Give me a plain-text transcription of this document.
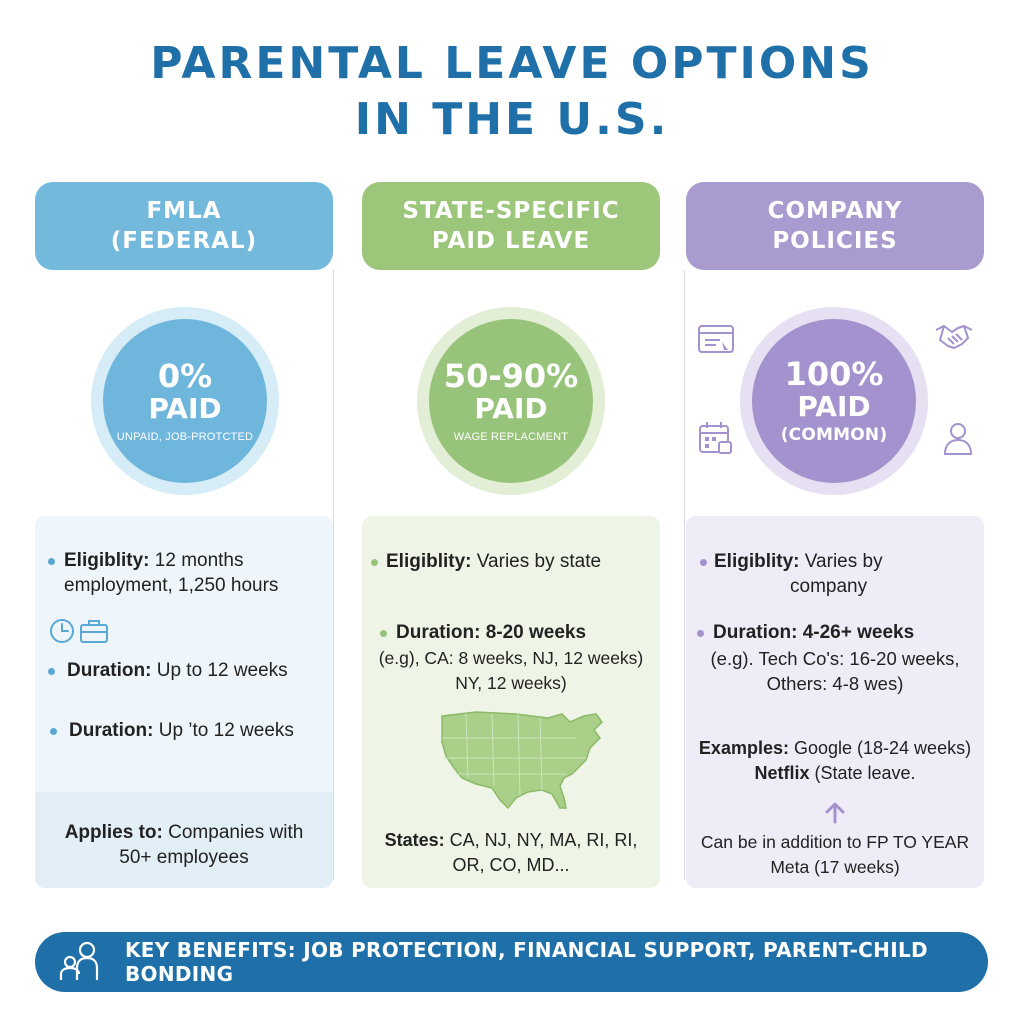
PARENTAL LEAVE OPTIONS
IN THE U.S.
FMLA
(FEDERAL)
0%
PAID
UNPAID, JOB-PROTCTED
Eligiblity: 12 months
employment, 1,250 hours
Duration: Up to 12 weeks
Duration: Up ’to 12 weeks
Applies to: Companies with
50+ employees
STATE-SPECIFIC
PAID LEAVE
50-90%
PAID
WAGE REPLACMENT
Eligiblity: Varies by state
Duration: 8-20 weeks
(e.g), CA: 8 weeks, NJ, 12 weeks)
NY, 12 weeks)
States: CA, NJ, NY, MA, RI, RI,
OR, CO, MD...
COMPANY
POLICIES
100%
PAID
(COMMON)
Eligiblity: Varies by
company
Duration: 4-26+ weeks
(e.g). Tech Co's: 16-20 weeks,
Others: 4-8 wes)
Examples: Google (18-24 weeks)
Netflix (State leave.
Can be in addition to FP TO YEAR
Meta (17 weeks)
KEY BENEFITS: JOB PROTECTION, FINANCIAL SUPPORT, PARENT-CHILD BONDING
